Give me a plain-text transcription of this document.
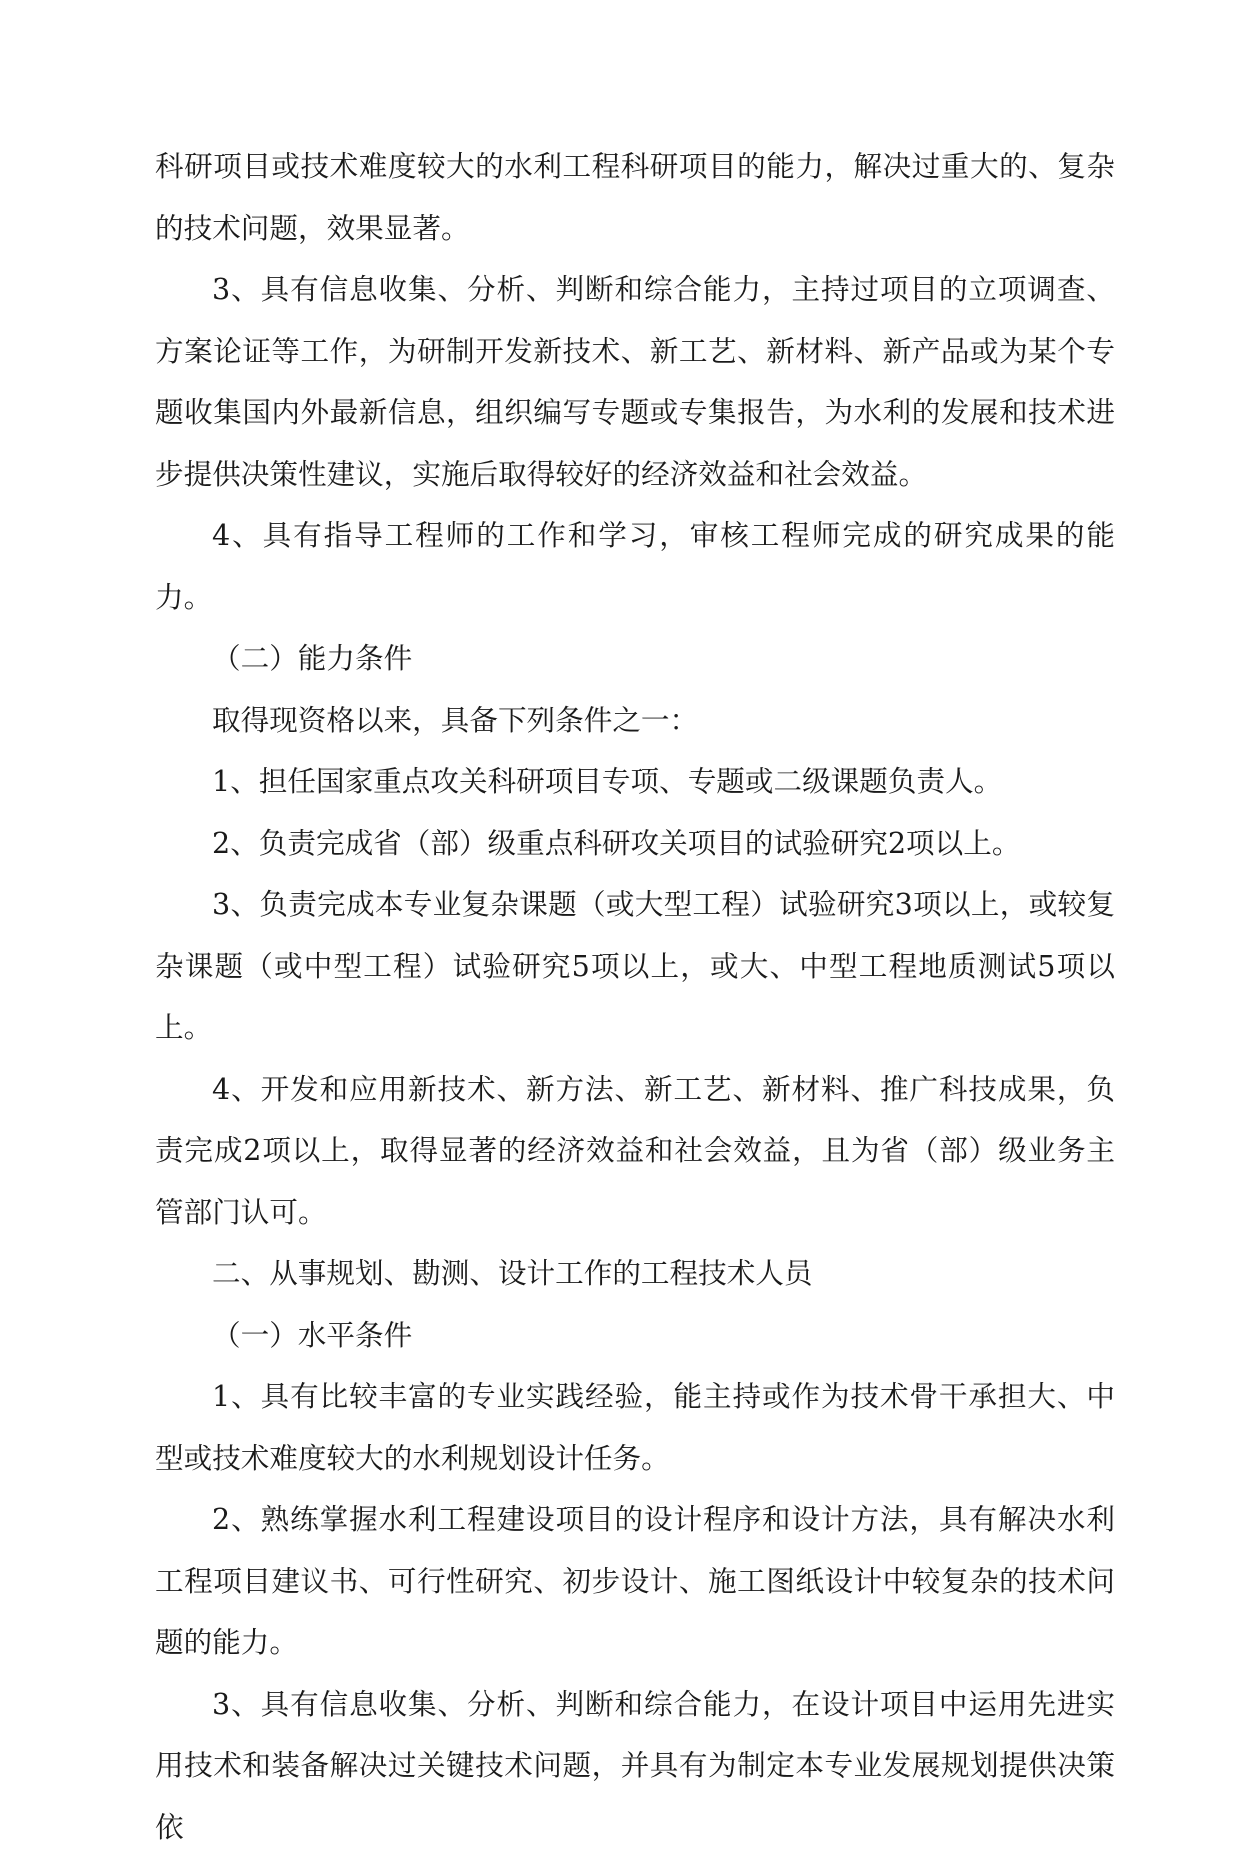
科研项目或技术难度较大的水利工程科研项目的能力，解决过重大的、复杂的技术问题，效果显著。

3、具有信息收集、分析、判断和综合能力，主持过项目的立项调查、方案论证等工作，为研制开发新技术、新工艺、新材料、新产品或为某个专题收集国内外最新信息，组织编写专题或专集报告，为水利的发展和技术进步提供决策性建议，实施后取得较好的经济效益和社会效益。

4、具有指导工程师的工作和学习，审核工程师完成的研究成果的能力。

（二）能力条件

取得现资格以来，具备下列条件之一：

1、担任国家重点攻关科研项目专项、专题或二级课题负责人。

2、负责完成省（部）级重点科研攻关项目的试验研究2项以上。

3、负责完成本专业复杂课题（或大型工程）试验研究3项以上，或较复杂课题（或中型工程）试验研究5项以上，或大、中型工程地质测试5项以上。

4、开发和应用新技术、新方法、新工艺、新材料、推广科技成果，负责完成2项以上，取得显著的经济效益和社会效益，且为省（部）级业务主管部门认可。

二、从事规划、勘测、设计工作的工程技术人员

（一）水平条件

1、具有比较丰富的专业实践经验，能主持或作为技术骨干承担大、中型或技术难度较大的水利规划设计任务。

2、熟练掌握水利工程建设项目的设计程序和设计方法，具有解决水利工程项目建议书、可行性研究、初步设计、施工图纸设计中较复杂的技术问题的能力。

3、具有信息收集、分析、判断和综合能力，在设计项目中运用先进实用技术和装备解决过关键技术问题，并具有为制定本专业发展规划提供决策依
